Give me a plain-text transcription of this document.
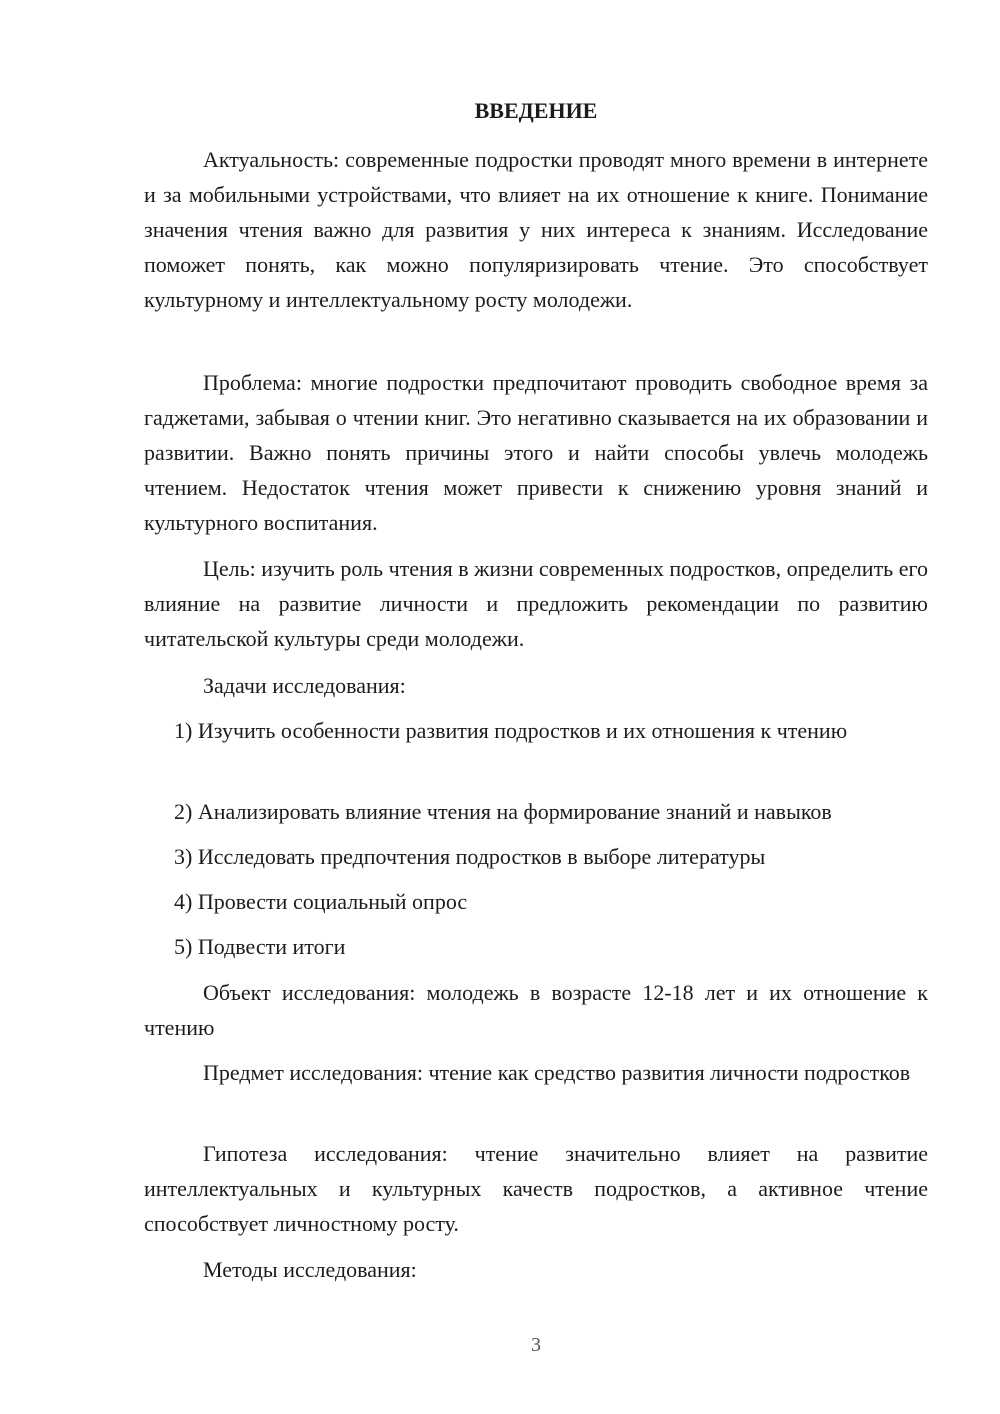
ВВЕДЕНИЕ

Актуальность: современные подростки проводят много времени в интернете и за мобильными устройствами, что влияет на их отношение к книге. Понимание значения чтения важно для развития у них интереса к знаниям. Исследование поможет понять, как можно популяризировать чтение. Это способствует культурному и интеллектуальному росту молодежи.

Проблема: многие подростки предпочитают проводить свободное время за гаджетами, забывая о чтении книг. Это негативно сказывается на их образовании и развитии. Важно понять причины этого и найти способы увлечь молодежь чтением. Недостаток чтения может привести к снижению уровня знаний и культурного воспитания.

Цель: изучить роль чтения в жизни современных подростков, определить его влияние на развитие личности и предложить рекомендации по развитию читательской культуры среди молодежи.

Задачи исследования:

1) Изучить особенности развития подростков и их отношения к чтению

2) Анализировать влияние чтения на формирование знаний и навыков

3) Исследовать предпочтения подростков в выборе литературы

4) Провести социальный опрос

5) Подвести итоги

Объект исследования: молодежь в возрасте 12-18 лет и их отношение к чтению

Предмет исследования: чтение как средство развития личности подростков

Гипотеза исследования: чтение значительно влияет на развитие интеллектуальных и культурных качеств подростков, а активное чтение способствует личностному росту.

Методы исследования:

3
